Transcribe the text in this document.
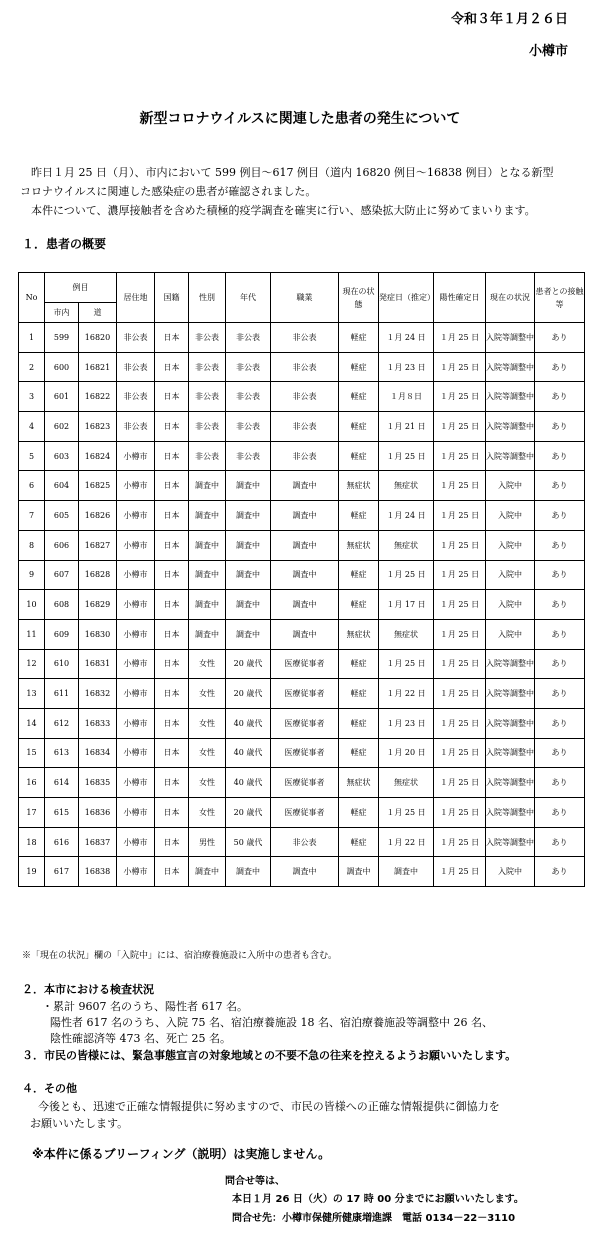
令和３年１月２６日
小樽市
新型コロナウイルスに関連した患者の発生について

　昨日１月 25 日（月）、市内において 599 例目～617 例目（道内 16820 例目～16838 例目）となる新型

コロナウイルスに関連した感染症の患者が確認されました。

　本件について、濃厚接触者を含めた積極的疫学調査を確実に行い、感染拡大防止に努めてまいります。

１．患者の概要
No	例目		居住地	国籍	性別	年代	職業	現在の状態	発症日（推定）	陽性確定日	現在の状況	患者との接触等
	市内	道										
1	599	16820	非公表	日本	非公表	非公表	非公表	軽症	１月 24 日	１月 25 日	入院等調整中	あり
2	600	16821	非公表	日本	非公表	非公表	非公表	軽症	１月 23 日	１月 25 日	入院等調整中	あり
3	601	16822	非公表	日本	非公表	非公表	非公表	軽症	１月８日	１月 25 日	入院等調整中	あり
4	602	16823	非公表	日本	非公表	非公表	非公表	軽症	１月 21 日	１月 25 日	入院等調整中	あり
5	603	16824	小樽市	日本	非公表	非公表	非公表	軽症	１月 25 日	１月 25 日	入院等調整中	あり
6	604	16825	小樽市	日本	調査中	調査中	調査中	無症状	無症状	１月 25 日	入院中	あり
7	605	16826	小樽市	日本	調査中	調査中	調査中	軽症	１月 24 日	１月 25 日	入院中	あり
8	606	16827	小樽市	日本	調査中	調査中	調査中	無症状	無症状	１月 25 日	入院中	あり
9	607	16828	小樽市	日本	調査中	調査中	調査中	軽症	１月 25 日	１月 25 日	入院中	あり
10	608	16829	小樽市	日本	調査中	調査中	調査中	軽症	１月 17 日	１月 25 日	入院中	あり
11	609	16830	小樽市	日本	調査中	調査中	調査中	無症状	無症状	１月 25 日	入院中	あり
12	610	16831	小樽市	日本	女性	20 歳代	医療従事者	軽症	１月 25 日	１月 25 日	入院等調整中	あり
13	611	16832	小樽市	日本	女性	20 歳代	医療従事者	軽症	１月 22 日	１月 25 日	入院等調整中	あり
14	612	16833	小樽市	日本	女性	40 歳代	医療従事者	軽症	１月 23 日	１月 25 日	入院等調整中	あり
15	613	16834	小樽市	日本	女性	40 歳代	医療従事者	軽症	１月 20 日	１月 25 日	入院等調整中	あり
16	614	16835	小樽市	日本	女性	40 歳代	医療従事者	無症状	無症状	１月 25 日	入院等調整中	あり
17	615	16836	小樽市	日本	女性	20 歳代	医療従事者	軽症	１月 25 日	１月 25 日	入院等調整中	あり
18	616	16837	小樽市	日本	男性	50 歳代	非公表	軽症	１月 22 日	１月 25 日	入院等調整中	あり
19	617	16838	小樽市	日本	調査中	調査中	調査中	調査中	調査中	１月 25 日	入院中	あり
※「現在の状況」欄の「入院中」には、宿泊療養施設に入所中の患者も含む。
２．本市における検査状況
・累計 9607 名のうち、陽性者 617 名。
陽性者 617 名のうち、入院 75 名、宿泊療養施設 18 名、宿泊療養施設等調整中 26 名、
陰性確認済等 473 名、死亡 25 名。
３．市民の皆様には、緊急事態宣言の対象地域との不要不急の往来を控えるようお願いいたします。
４．その他
今後とも、迅速で正確な情報提供に努めますので、市民の皆様への正確な情報提供に御協力を
お願いいたします。
※本件に係るブリーフィング（説明）は実施しません。
問合せ等は、
本日１月 26 日（火）の 17 時 00 分までにお願いいたします。
問合せ先：小樽市保健所健康増進課　電話 0134－22－3110
